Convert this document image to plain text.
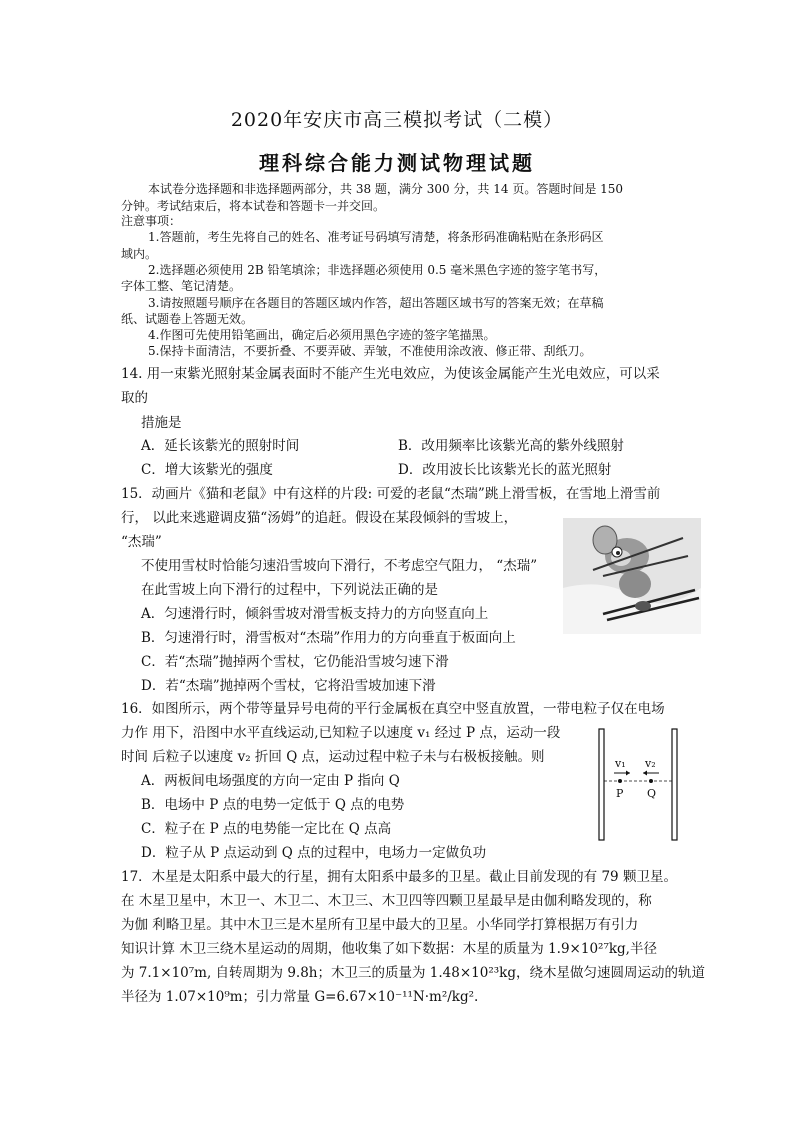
2020年安庆市高三模拟考试（二模）
理科综合能力测试物理试题
本试卷分选择题和非选择题两部分，共 38 题，满分 300 分，共 14 页。答题时间是 150
分钟。考试结束后，将本试卷和答题卡一并交回。
注意事项：
1.答题前，考生先将自己的姓名、准考证号码填写清楚，将条形码准确粘贴在条形码区
域内。
2.选择题必须使用 2B 铅笔填涂；非选择题必须使用 0.5 毫米黑色字迹的签字笔书写，
字体工整、笔记清楚。
3.请按照题号顺序在各题目的答题区域内作答，超出答题区域书写的答案无效；在草稿
纸、试题卷上答题无效。
4.作图可先使用铅笔画出，确定后必须用黑色字迹的签字笔描黑。
5.保持卡面清洁，不要折叠、不要弄破、弄皱，不准使用涂改液、修正带、刮纸刀。
14. 用一束紫光照射某金属表面时不能产生光电效应，为使该金属能产生光电效应，可以采
取的
措施是
A．延长该紫光的照射时间	B．改用频率比该紫光高的紫外线照射
C．增大该紫光的强度	D．改用波长比该紫光长的蓝光照射
15．动画片《猫和老鼠》中有这样的片段: 可爱的老鼠“杰瑞”跳上滑雪板，在雪地上滑雪前
行， 以此来逃避调皮猫“汤姆”的追赶。假设在某段倾斜的雪坡上，
“杰瑞”
不使用雪杖时恰能匀速沿雪坡向下滑行，不考虑空气阻力， “杰瑞”
在此雪坡上向下滑行的过程中，下列说法正确的是
A．匀速滑行时，倾斜雪坡对滑雪板支持力的方向竖直向上
B．匀速滑行时，滑雪板对“杰瑞”作用力的方向垂直于板面向上
C．若“杰瑞”抛掉两个雪杖，它仍能沿雪坡匀速下滑
D．若“杰瑞”抛掉两个雪杖，它将沿雪坡加速下滑
16．如图所示，两个带等量异号电荷的平行金属板在真空中竖直放置，一带电粒子仅在电场
力作 用下，沿图中水平直线运动,已知粒子以速度 v₁ 经过 P 点，运动一段
时间 后粒子以速度 v₂ 折回 Q 点，运动过程中粒子未与右极板接触。则
A．两板间电场强度的方向一定由 P 指向 Q
B．电场中 P 点的电势一定低于 Q 点的电势
C．粒子在 P 点的电势能一定比在 Q 点高
D．粒子从 P 点运动到 Q 点的过程中，电场力一定做负功
v₁ v₂
P Q
17．木星是太阳系中最大的行星，拥有太阳系中最多的卫星。截止目前发现的有 79 颗卫星。
在 木星卫星中，木卫一、木卫二、木卫三、木卫四等四颗卫星最早是由伽利略发现的，称
为伽 利略卫星。其中木卫三是木星所有卫星中最大的卫星。小华同学打算根据万有引力
知识计算 木卫三绕木星运动的周期，他收集了如下数据：木星的质量为 1.9×10²⁷kg,半径
为 7.1×10⁷m, 自转周期为 9.8h；木卫三的质量为 1.48×10²³kg，绕木星做匀速圆周运动的轨道
半径为 1.07×10⁹m；引力常量 G=6.67×10⁻¹¹N·m²/kg².
